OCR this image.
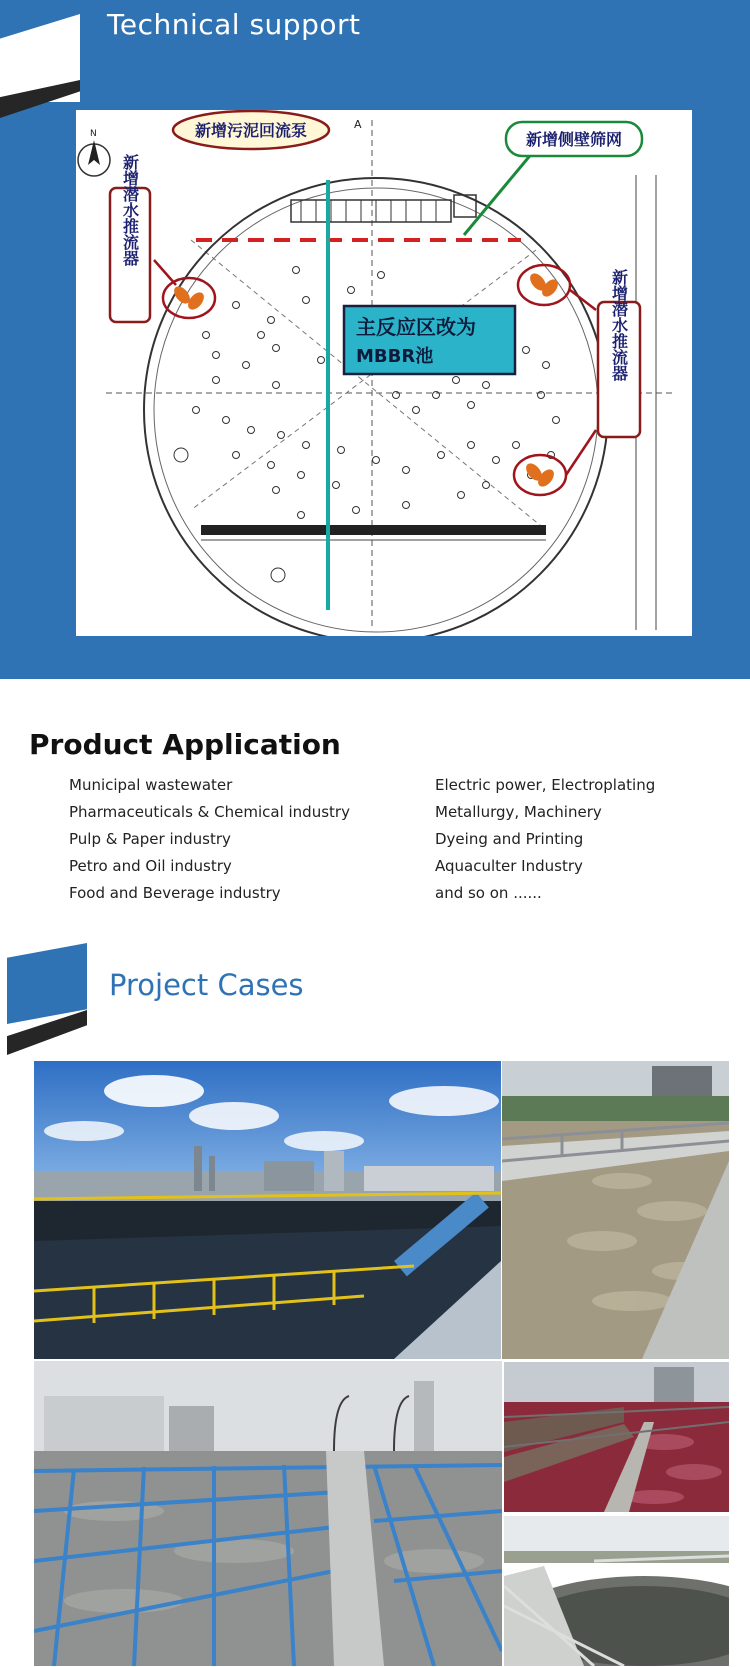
Technical support
N
A
新增污泥回流泵	新增侧壁筛网
新增潜水推流器
新增潜水推流器
主反应区改为
MBBR池
Product Application
Municipal wastewater
Pharmaceuticals & Chemical industry
Pulp & Paper industry
Petro and Oil industry
Food and Beverage industry
Electric power, Electroplating
Metallurgy, Machinery
Dyeing and Printing
Aquaculter Industry
and so on ......
Project Cases
